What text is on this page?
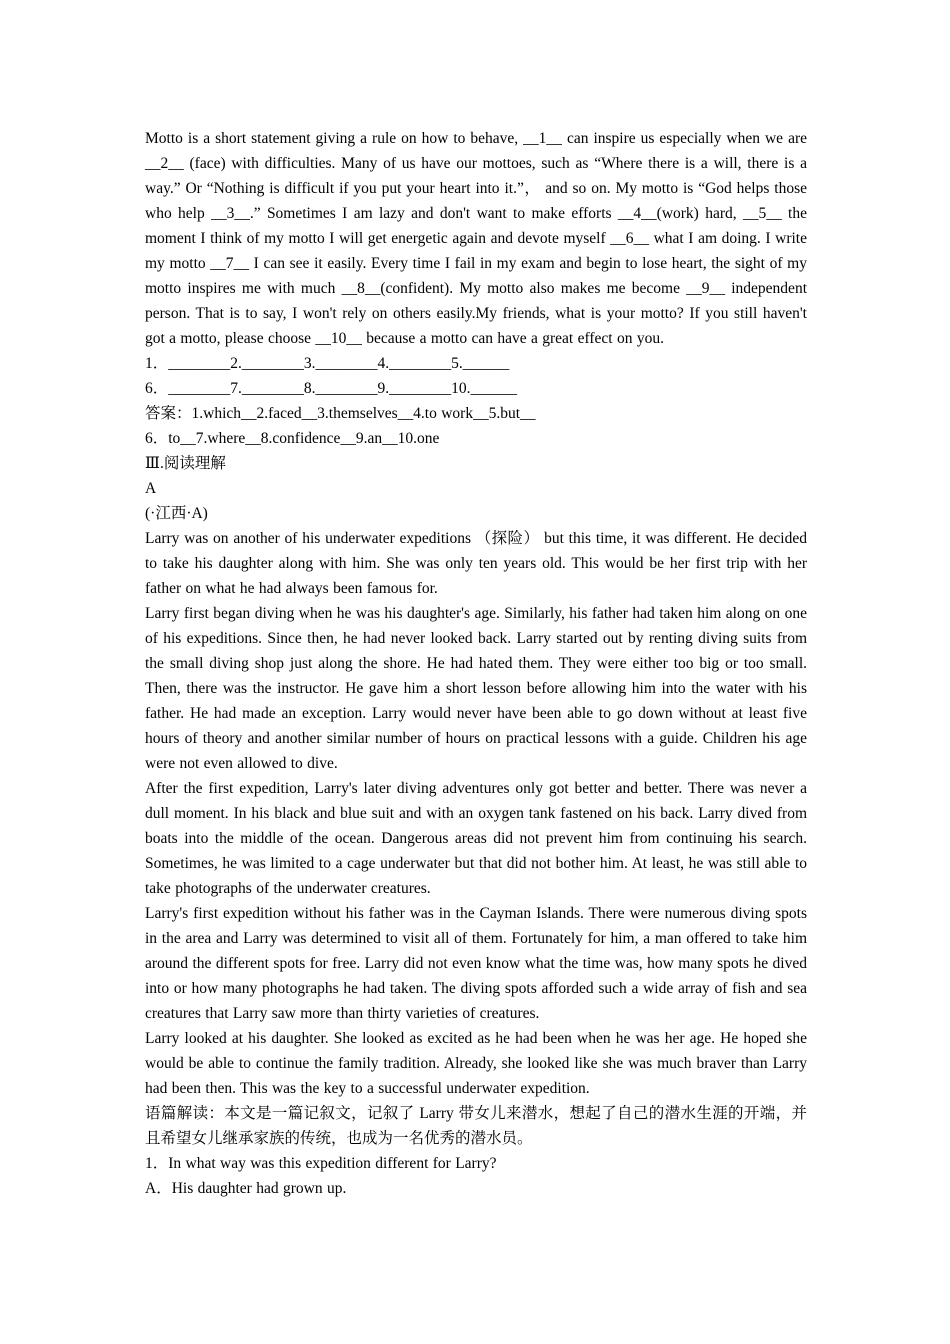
Motto is a short statement giving a rule on how to behave, __1__ can inspire us especially when we are __2__ (face) with difficulties. Many of us have our mottoes, such as “Where there is a will, there is a way.” Or “Nothing is difficult if you put your heart into it.”， and so on. My motto is “God helps those who help __3__.” Sometimes I am lazy and don't want to make efforts __4__(work) hard, __5__ the moment I think of my motto I will get energetic again and devote myself __6__ what I am doing. I write my motto __7__ I can see it easily. Every time I fail in my exam and begin to lose heart, the sight of my motto inspires me with much __8__(confident). My motto also makes me become __9__ independent person. That is to say, I won't rely on others easily.My friends, what is your motto? If you still haven't got a motto, please choose __10__ because a motto can have a great effect on you.

1．________2.________3.________4.________5.______

6．________7.________8.________9.________10.______

答案：1.which__2.faced__3.themselves__4.to work__5.but__

6．to__7.where__8.confidence__9.an__10.one

Ⅲ.阅读理解

A

(·江西·A)

Larry was on another of his underwater expeditions （探险） but this time, it was different. He decided to take his daughter along with him. She was only ten years old. This would be her first trip with her father on what he had always been famous for.

Larry first began diving when he was his daughter's age. Similarly, his father had taken him along on one of his expeditions. Since then, he had never looked back. Larry started out by renting diving suits from the small diving shop just along the shore. He had hated them. They were either too big or too small. Then, there was the instructor. He gave him a short lesson before allowing him into the water with his father. He had made an exception. Larry would never have been able to go down without at least five hours of theory and another similar number of hours on practical lessons with a guide. Children his age were not even allowed to dive.

After the first expedition, Larry's later diving adventures only got better and better. There was never a dull moment. In his black and blue suit and with an oxygen tank fastened on his back. Larry dived from boats into the middle of the ocean. Dangerous areas did not prevent him from continuing his search. Sometimes, he was limited to a cage underwater but that did not bother him. At least, he was still able to take photographs of the underwater creatures.

Larry's first expedition without his father was in the Cayman Islands. There were numerous diving spots in the area and Larry was determined to visit all of them. Fortunately for him, a man offered to take him around the different spots for free. Larry did not even know what the time was, how many spots he dived into or how many photographs he had taken. The diving spots afforded such a wide array of fish and sea creatures that Larry saw more than thirty varieties of creatures.

Larry looked at his daughter. She looked as excited as he had been when he was her age. He hoped she would be able to continue the family tradition. Already, she looked like she was much braver than Larry had been then. This was the key to a successful underwater expedition.

语篇解读：本文是一篇记叙文，记叙了 Larry 带女儿来潜水，想起了自己的潜水生涯的开端，并且希望女儿继承家族的传统，也成为一名优秀的潜水员。

1．In what way was this expedition different for Larry?

A．His daughter had grown up.
